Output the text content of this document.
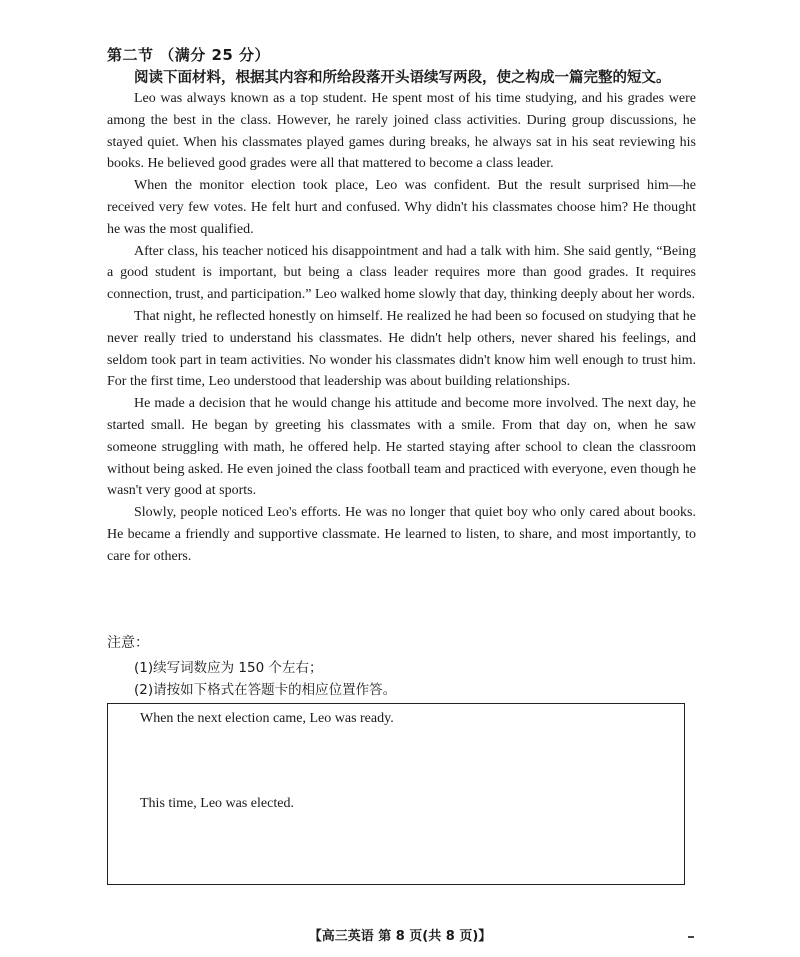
第二节 （满分 25 分）
阅读下面材料，根据其内容和所给段落开头语续写两段，使之构成一篇完整的短文。

Leo was always known as a top student. He spent most of his time studying, and his grades were among the best in the class. However, he rarely joined class activities. During group discussions, he stayed quiet. When his classmates played games during breaks, he always sat in his seat reviewing his books. He believed good grades were all that mattered to become a class leader.

When the monitor election took place, Leo was confident. But the result surprised him—he received very few votes. He felt hurt and confused. Why didn't his classmates choose him? He thought he was the most qualified.

After class, his teacher noticed his disappointment and had a talk with him. She said gently, “Being a good student is important, but being a class leader requires more than good grades. It requires connection, trust, and participation.” Leo walked home slowly that day, thinking deeply about her words.

That night, he reflected honestly on himself. He realized he had been so focused on studying that he never really tried to understand his classmates. He didn't help others, never shared his feelings, and seldom took part in team activities. No wonder his classmates didn't know him well enough to trust him. For the first time, Leo understood that leadership was about building relationships.

He made a decision that he would change his attitude and become more involved. The next day, he started small. He began by greeting his classmates with a smile. From that day on, when he saw someone struggling with math, he offered help. He started staying after school to clean the classroom without being asked. He even joined the class football team and practiced with everyone, even though he wasn't very good at sports.

Slowly, people noticed Leo's efforts. He was no longer that quiet boy who only cared about books. He became a friendly and supportive classmate. He learned to listen, to share, and most importantly, to care for others.

注意：
(1)续写词数应为 150 个左右；
(2)请按如下格式在答题卡的相应位置作答。
When the next election came, Leo was ready.
This time, Leo was elected.
【高三英语 第 8 页(共 8 页)】
